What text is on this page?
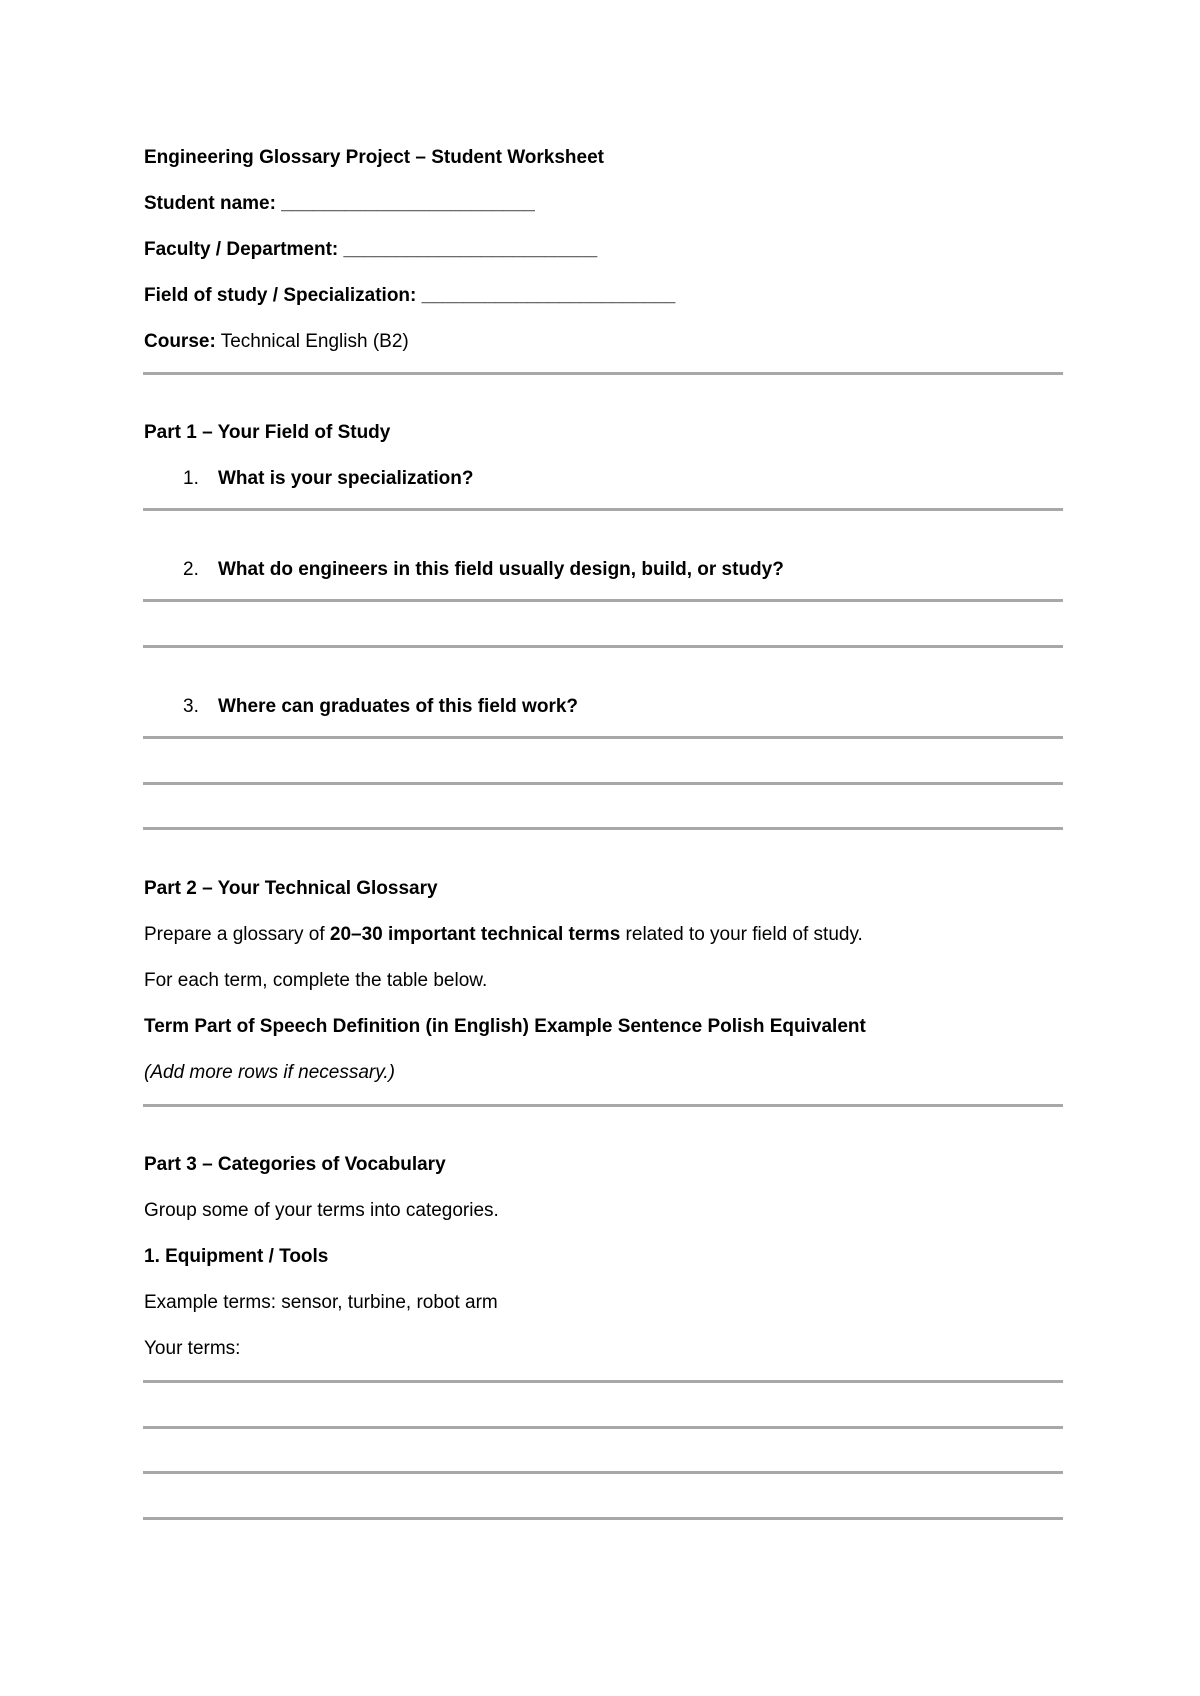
Engineering Glossary Project – Student Worksheet

Student name: ________________________

Faculty / Department: ________________________

Field of study / Specialization: ________________________

Course: Technical English (B2)

Part 1 – Your Field of Study

1. What is your specialization?

2. What do engineers in this field usually design, build, or study?

3. Where can graduates of this field work?

Part 2 – Your Technical Glossary

Prepare a glossary of 20–30 important technical terms related to your field of study.

For each term, complete the table below.

Term Part of Speech Definition (in English) Example Sentence Polish Equivalent

(Add more rows if necessary.)

Part 3 – Categories of Vocabulary

Group some of your terms into categories.

1. Equipment / Tools

Example terms: sensor, turbine, robot arm

Your terms:
